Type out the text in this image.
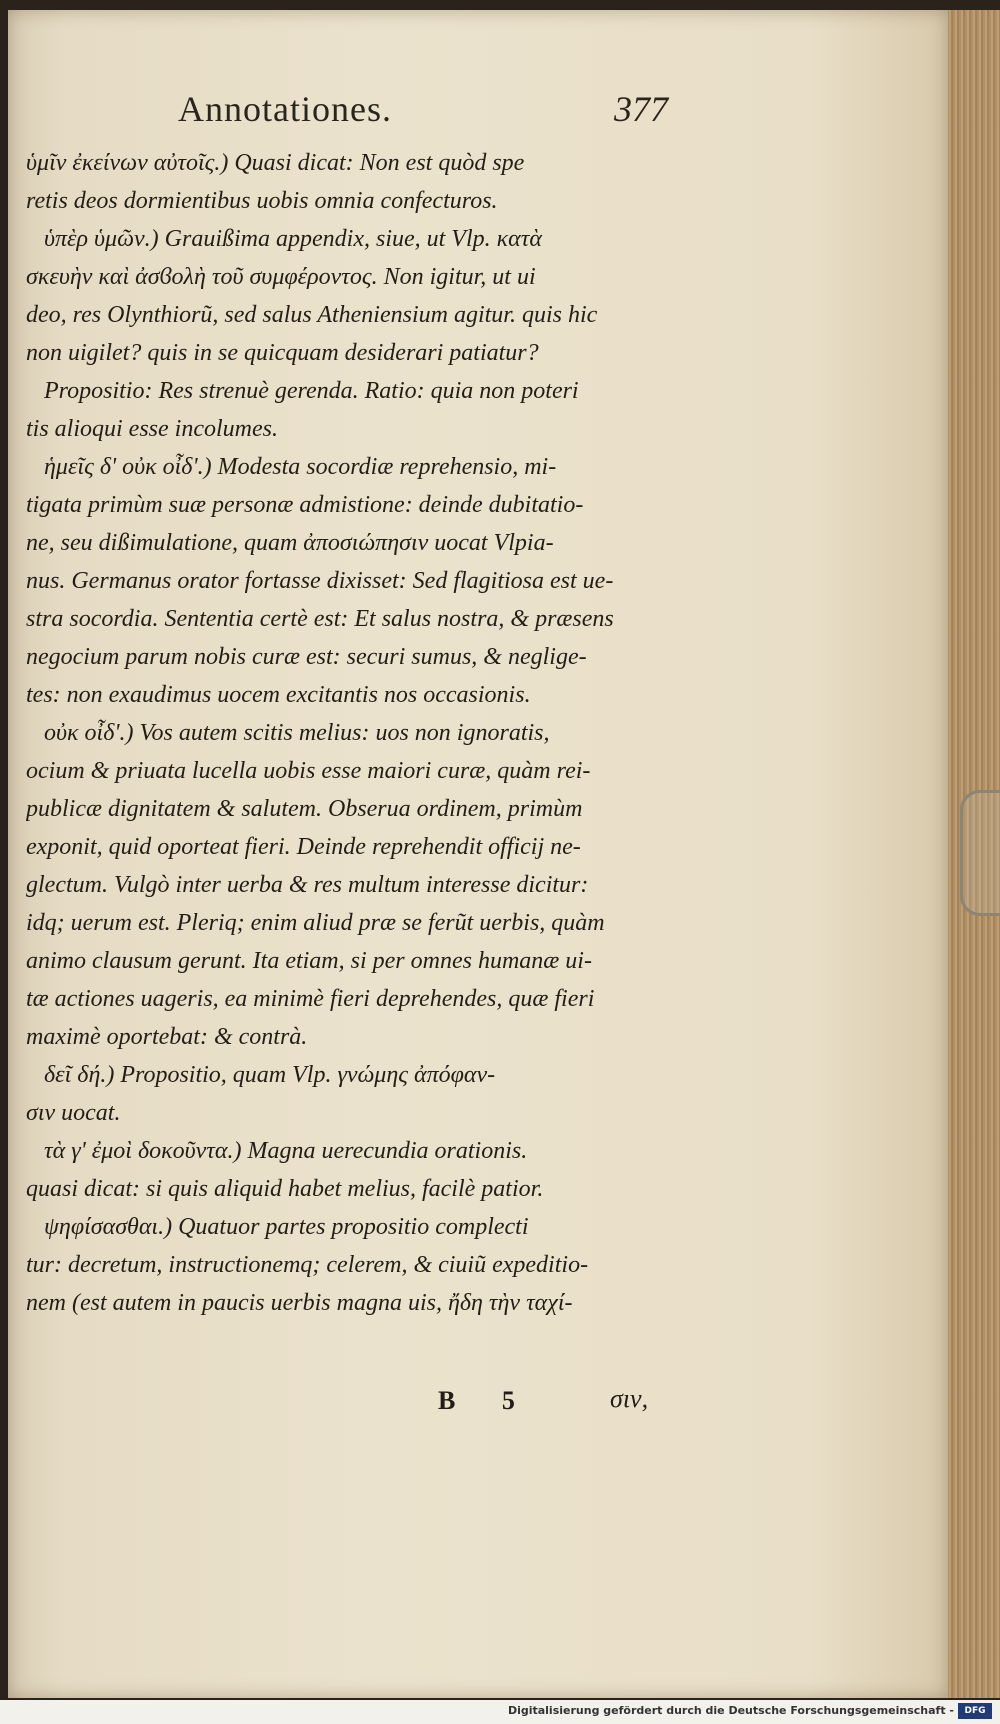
Annotationes.	377
ὑμῖν ἐκείνων αὐτοῖς.) Quasi dicat: Non est quòd spe
retis deos dormientibus uobis omnia confecturos.
ὑπὲρ ὑμῶν.) Grauißima appendix, siue, ut Vlp. κατὰ
σκευὴν καὶ ἀσϐολὴ τοῦ συμφέροντος. Non igitur, ut ui
deo, res Olynthiorũ, sed salus Atheniensium agitur. quis hic
non uigilet? quis in se quicquam desiderari patiatur?
Propositio: Res strenuè gerenda. Ratio: quia non poteri
tis alioqui esse incolumes.
ἡμεῖς δ' οὐκ οἶδ'.) Modesta socordiæ reprehensio, mi-
tigata primùm suæ personæ admistione: deinde dubitatio-
ne, seu dißimulatione, quam ἀποσιώπησιν uocat Vlpia-
nus. Germanus orator fortasse dixisset: Sed flagitiosa est ue-
stra socordia. Sententia certè est: Et salus nostra, & præsens
negocium parum nobis curæ est: securi sumus, & neglige-
tes: non exaudimus uocem excitantis nos occasionis.
οὐκ οἶδ'.) Vos autem scitis melius: uos non ignoratis,
ocium & priuata lucella uobis esse maiori curæ, quàm rei-
publicæ dignitatem & salutem. Obserua ordinem, primùm
exponit, quid oporteat fieri. Deinde reprehendit officij ne-
glectum. Vulgò inter uerba & res multum interesse dicitur:
idq; uerum est. Pleriq; enim aliud præ se ferũt uerbis, quàm
animo clausum gerunt. Ita etiam, si per omnes humanæ ui-
tæ actiones uageris, ea minimè fieri deprehendes, quæ fieri
maximè oportebat: & contrà.
δεῖ δή.) Propositio, quam Vlp. γνώμης ἀπόφαν-
σιν uocat.
τὰ γ' ἐμοὶ δοκοῦντα.) Magna uerecundia orationis.
quasi dicat: si quis aliquid habet melius, facilè patior.
ψηφίσασθαι.) Quatuor partes propositio complecti
tur: decretum, instructionemq; celerem, & ciuiũ expeditio-
nem (est autem in paucis uerbis magna uis, ἤδη τὴν ταχί-
B 5	σιν,
Digitalisierung gefördert durch die Deutsche Forschungsgemeinschaft -	DFG
